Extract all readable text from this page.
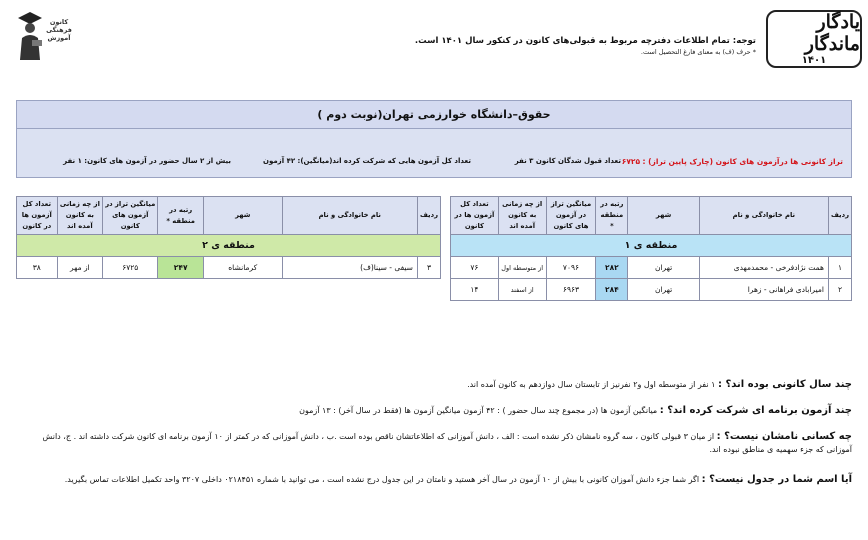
یادگار ماندگار
۱۴۰۱
توجه: تمام اطلاعات دفترچه مربوط به قبولی‌های کانون در کنکور سال ۱۴۰۱ است.
* حرف (ف) به معنای فارغ التحصیل است.
کانون فرهنگی آموزش
حقوق–دانشگاه خوارزمی تهران(نوبت دوم )
تراز کانونی ها درآزمون های کانون (چارک پایین تراز) : ۶۷۲۵
تعداد قبول شدگان کانون ۳ نفر
تعداد کل آزمون هایی که شرکت کرده اند(میانگین): ۴۲ آزمون
بیش از ۲ سال حضور در آزمون های کانون: ۱ نفر
ردیف	نام خانوادگی و نام	شهر	رتبه در منطقه *	میانگین تراز در آزمون های کانون	از چه زمانی به کانون آمده اند	تعداد کل آزمون ها در کانون
منطقه ی ۱						
۱	همت نژادفرخی - محمدمهدی	تهران	۲۸۲	۷۰۹۶	از متوسطه اول	۷۶
۲	امیرابادی فراهانی - زهرا	تهران	۲۸۴	۶۹۶۳	از اسفند	۱۴
ردیف	نام خانوادگی و نام	شهر	رتبه در منطقه *	میانگین تراز در آزمون های کانون	از چه زمانی به کانون آمده اند	تعداد کل آزمون ها در کانون
منطقه ی ۲						
۳	سیفی - سینا(ف)	کرمانشاه	۲۴۷	۶۷۲۵	از مهر	۳۸
چند سال کانونی بوده اند؟ : ۱ نفر از متوسطه اول و۲ نفرنیز از تابستان سال دوازدهم به کانون آمده اند.
چند آزمون برنامه ای شرکت کرده اند؟ : میانگین آزمون ها (در مجموع چند سال حضور ) : ۴۲ آزمون میانگین آزمون ها (فقط در سال آخر) : ۱۳ آزمون
چه کسانی نامشان نیست؟ : از میان ۳ قبولی کانون ، سه گروه نامشان ذکر نشده است : الف ، دانش آموزانی که اطلاعاتشان ناقص بوده است .ب ، دانش آموزانی که در کمتر از ۱۰ آزمون برنامه ای کانون شرکت داشته اند . ج، دانش آموزانی که جزء سهمیه ی مناطق نبوده اند.
آیا اسم شما در جدول نیست؟ : اگر شما جزء دانش آموزان کانونی با بیش از ۱۰ آزمون در سال آخر هستید و نامتان در این جدول درج نشده است ، می توانید با شماره ۰۲۱۸۴۵۱ داخلی ۳۲۰۷ واحد تکمیل اطلاعات تماس بگیرید.
